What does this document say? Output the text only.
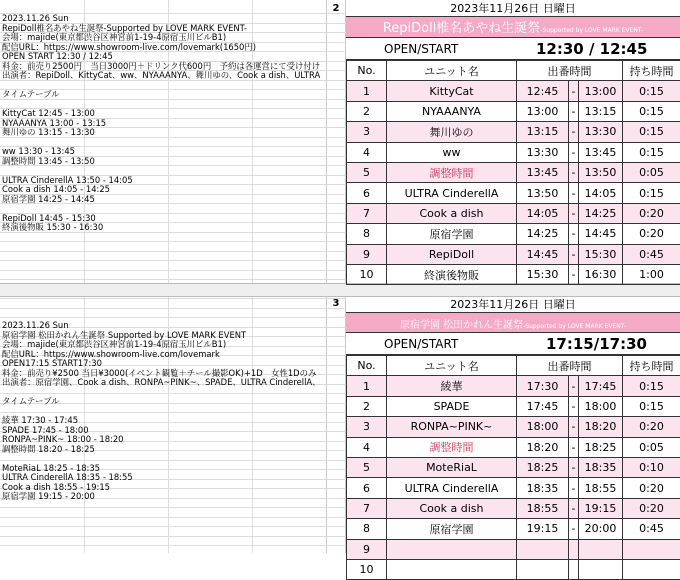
2
3
2023.11.26 Sun
RepiDoll椎名あやね生誕祭-Supported by LOVE MARK EVENT-
会場：majide(東京都渋谷区神宮前1-19-4原宿玉川ビルB1)
配信URL：https://www.showroom-live.com/lovemark(1650円)
OPEN START 12:30 / 12:45
料金：前売り2500円　当日3000円＋ドリンク代600円　予約は各運営にて受け付け
出演者：RepiDoll、KittyCat、ww、NYAAANYA、舞川ゆの、Cook a dish、ULTRA
タイムテーブル
KittyCat 12:45 - 13:00
NYAAANYA 13:00 - 13:15
舞川ゆの 13:15 - 13:30
ww 13:30 - 13:45
調整時間 13:45 - 13:50
ULTRA CinderellA 13:50 - 14:05
Cook a dish 14:05 - 14:25
原宿学園 14:25 - 14:45
RepiDoll 14:45 - 15:30
終演後物販 15:30 - 16:30
2023.11.26 Sun
原宿学園 松田かれん生誕祭 Supported by LOVE MARK EVENT
会場：majide(東京都渋谷区神宮前1-19-4原宿玉川ビルB1)
配信URL：https://www.showroom-live.com/lovemark
OPEN17:15 START17:30
料金：前売り¥2500 当日¥3000(イベント観覧＋チール撮影OK)+1D　女性1Dのみ
出演者：原宿学園、Cook a dish、RONPA~PINK~、SPADE、ULTRA CinderellA、
タイムテーブル
綾華 17:30 - 17:45
SPADE 17:45 - 18:00
RONPA~PINK~ 18:00 - 18:20
調整時間 18:20 - 18:25
MoteRiaL 18:25 - 18:35
ULTRA CinderellA 18:35 - 18:55
Cook a dish 18:55 - 19:15
原宿学園 19:15 - 20:00
2023年11月26日 日曜日
RepiDoll椎名あやね生誕祭-Supported by LOVE MARK EVENT-
OPEN/START	12:30 / 12:45
No.	ユニット名	出番時間			持ち時間
1	KittyCat	12:45	-	13:00	0:15
2	NYAAANYA	13:00	-	13:15	0:15
3	舞川ゆの	13:15	-	13:30	0:15
4	ww	13:30	-	13:45	0:15
5	調整時間	13:45	-	13:50	0:05
6	ULTRA CinderellA	13:50	-	14:05	0:15
7	Cook a dish	14:05	-	14:25	0:20
8	原宿学園	14:25	-	14:45	0:20
9	RepiDoll	14:45	-	15:30	0:45
10	終演後物販	15:30	-	16:30	1:00
2023年11月26日 日曜日
原宿学園 松田かれん生誕祭-Supported by LOVE MARK EVENT-
OPEN/START	17:15/17:30
No.	ユニット名	出番時間			持ち時間
1	綾華	17:30	-	17:45	0:15
2	SPADE	17:45	-	18:00	0:15
3	RONPA~PINK~	18:00	-	18:20	0:20
4	調整時間	18:20	-	18:25	0:05
5	MoteRiaL	18:25	-	18:35	0:10
6	ULTRA CinderellA	18:35	-	18:55	0:20
7	Cook a dish	18:55	-	19:15	0:20
8	原宿学園	19:15	-	20:00	0:45
9					
10					
